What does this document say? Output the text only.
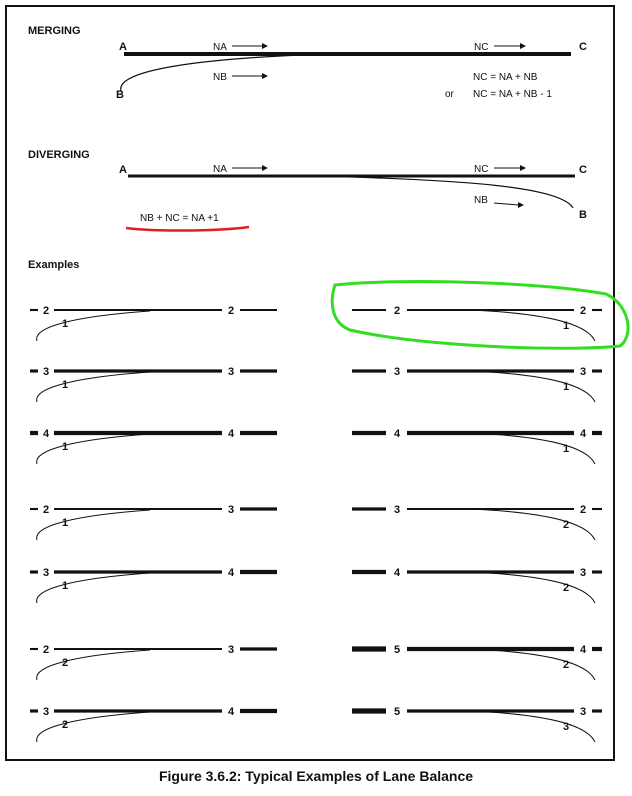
MERGING
A	C
B
NA	NC
NB	NC = NA + NB
or NC = NA + NB - 1
DIVERGING
A	C
B
NA	NC
NB
NB + NC = NA +1
Examples
2	2
1
3	3
1
4	4
1
2	3
1
3	4
1
2	3
2
3	4
2
2	2
1
3	3
1
4	4
1
3	2
2
4	3
2
5	4
2
5	3
3
Figure 3.6.2: Typical Examples of Lane Balance
